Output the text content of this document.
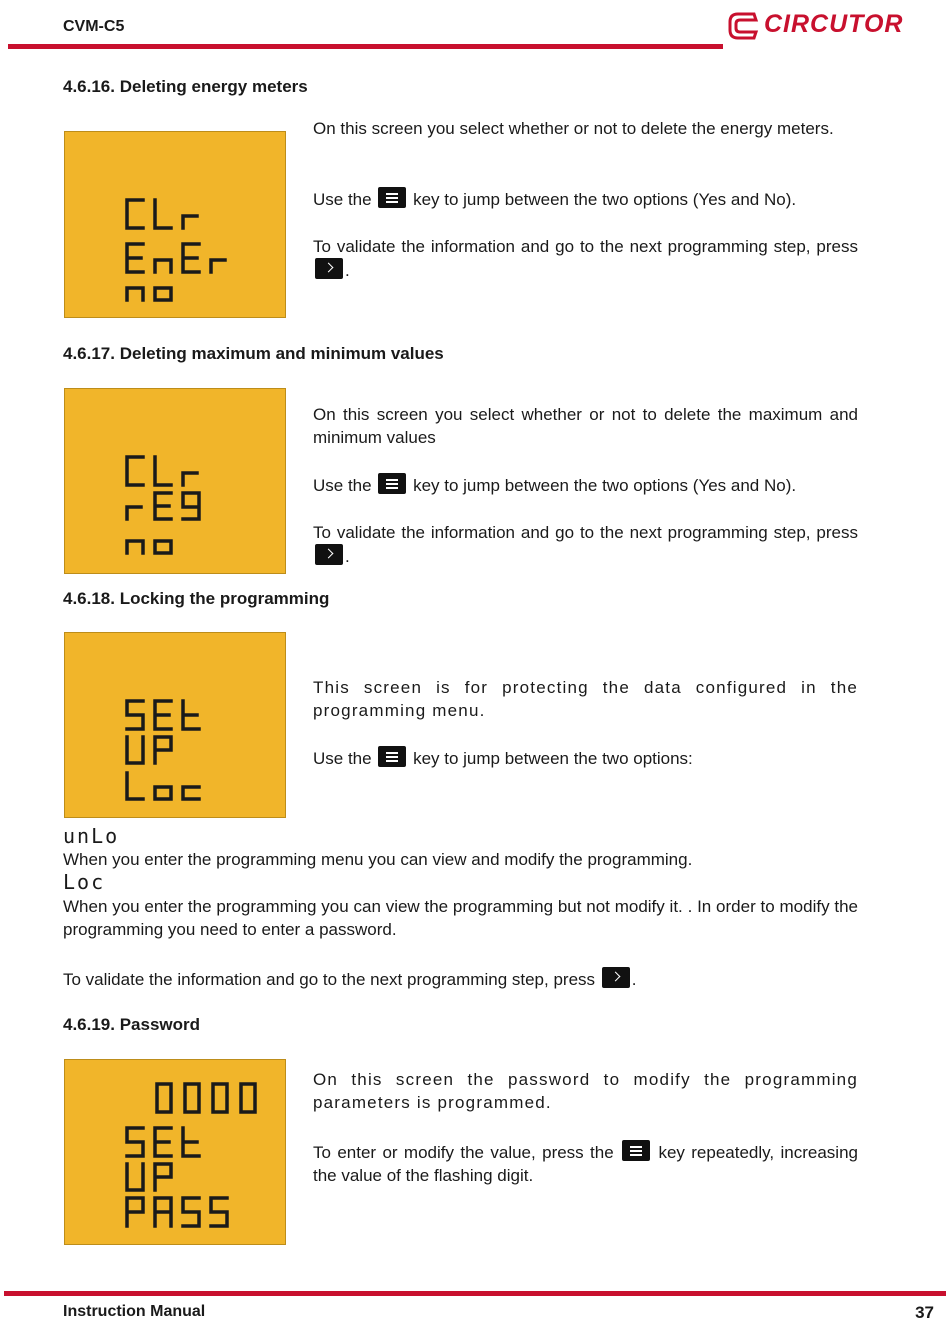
CVM-C5	CIRCUTOR
4.6.16. Deleting energy meters
On this screen you select whether or not to delete the energy meters.
Use the key to jump between the two options (Yes and No).
To validate the information and go to the next programming step, press .
4.6.17. Deleting maximum and minimum values
On this screen you select whether or not to delete the maximum and minimum values
Use the key to jump between the two options (Yes and No).
To validate the information and go to the next programming step, press .
4.6.18. Locking the programming
This screen is for protecting the data configured in the programming menu.
Use the key to jump between the two options:
unLo
When you enter the programming menu you can view and modify the programming.
Loc
When you enter the programming you can view the programming but not modify it. . In order to modify the programming you need to enter a password.
To validate the information and go to the next programming step, press .
4.6.19. Password
On this screen the password to modify the programming parameters is programmed.
To enter or modify the value, press the	key repeatedly, increasing the value of the flashing digit.
Instruction Manual	37
